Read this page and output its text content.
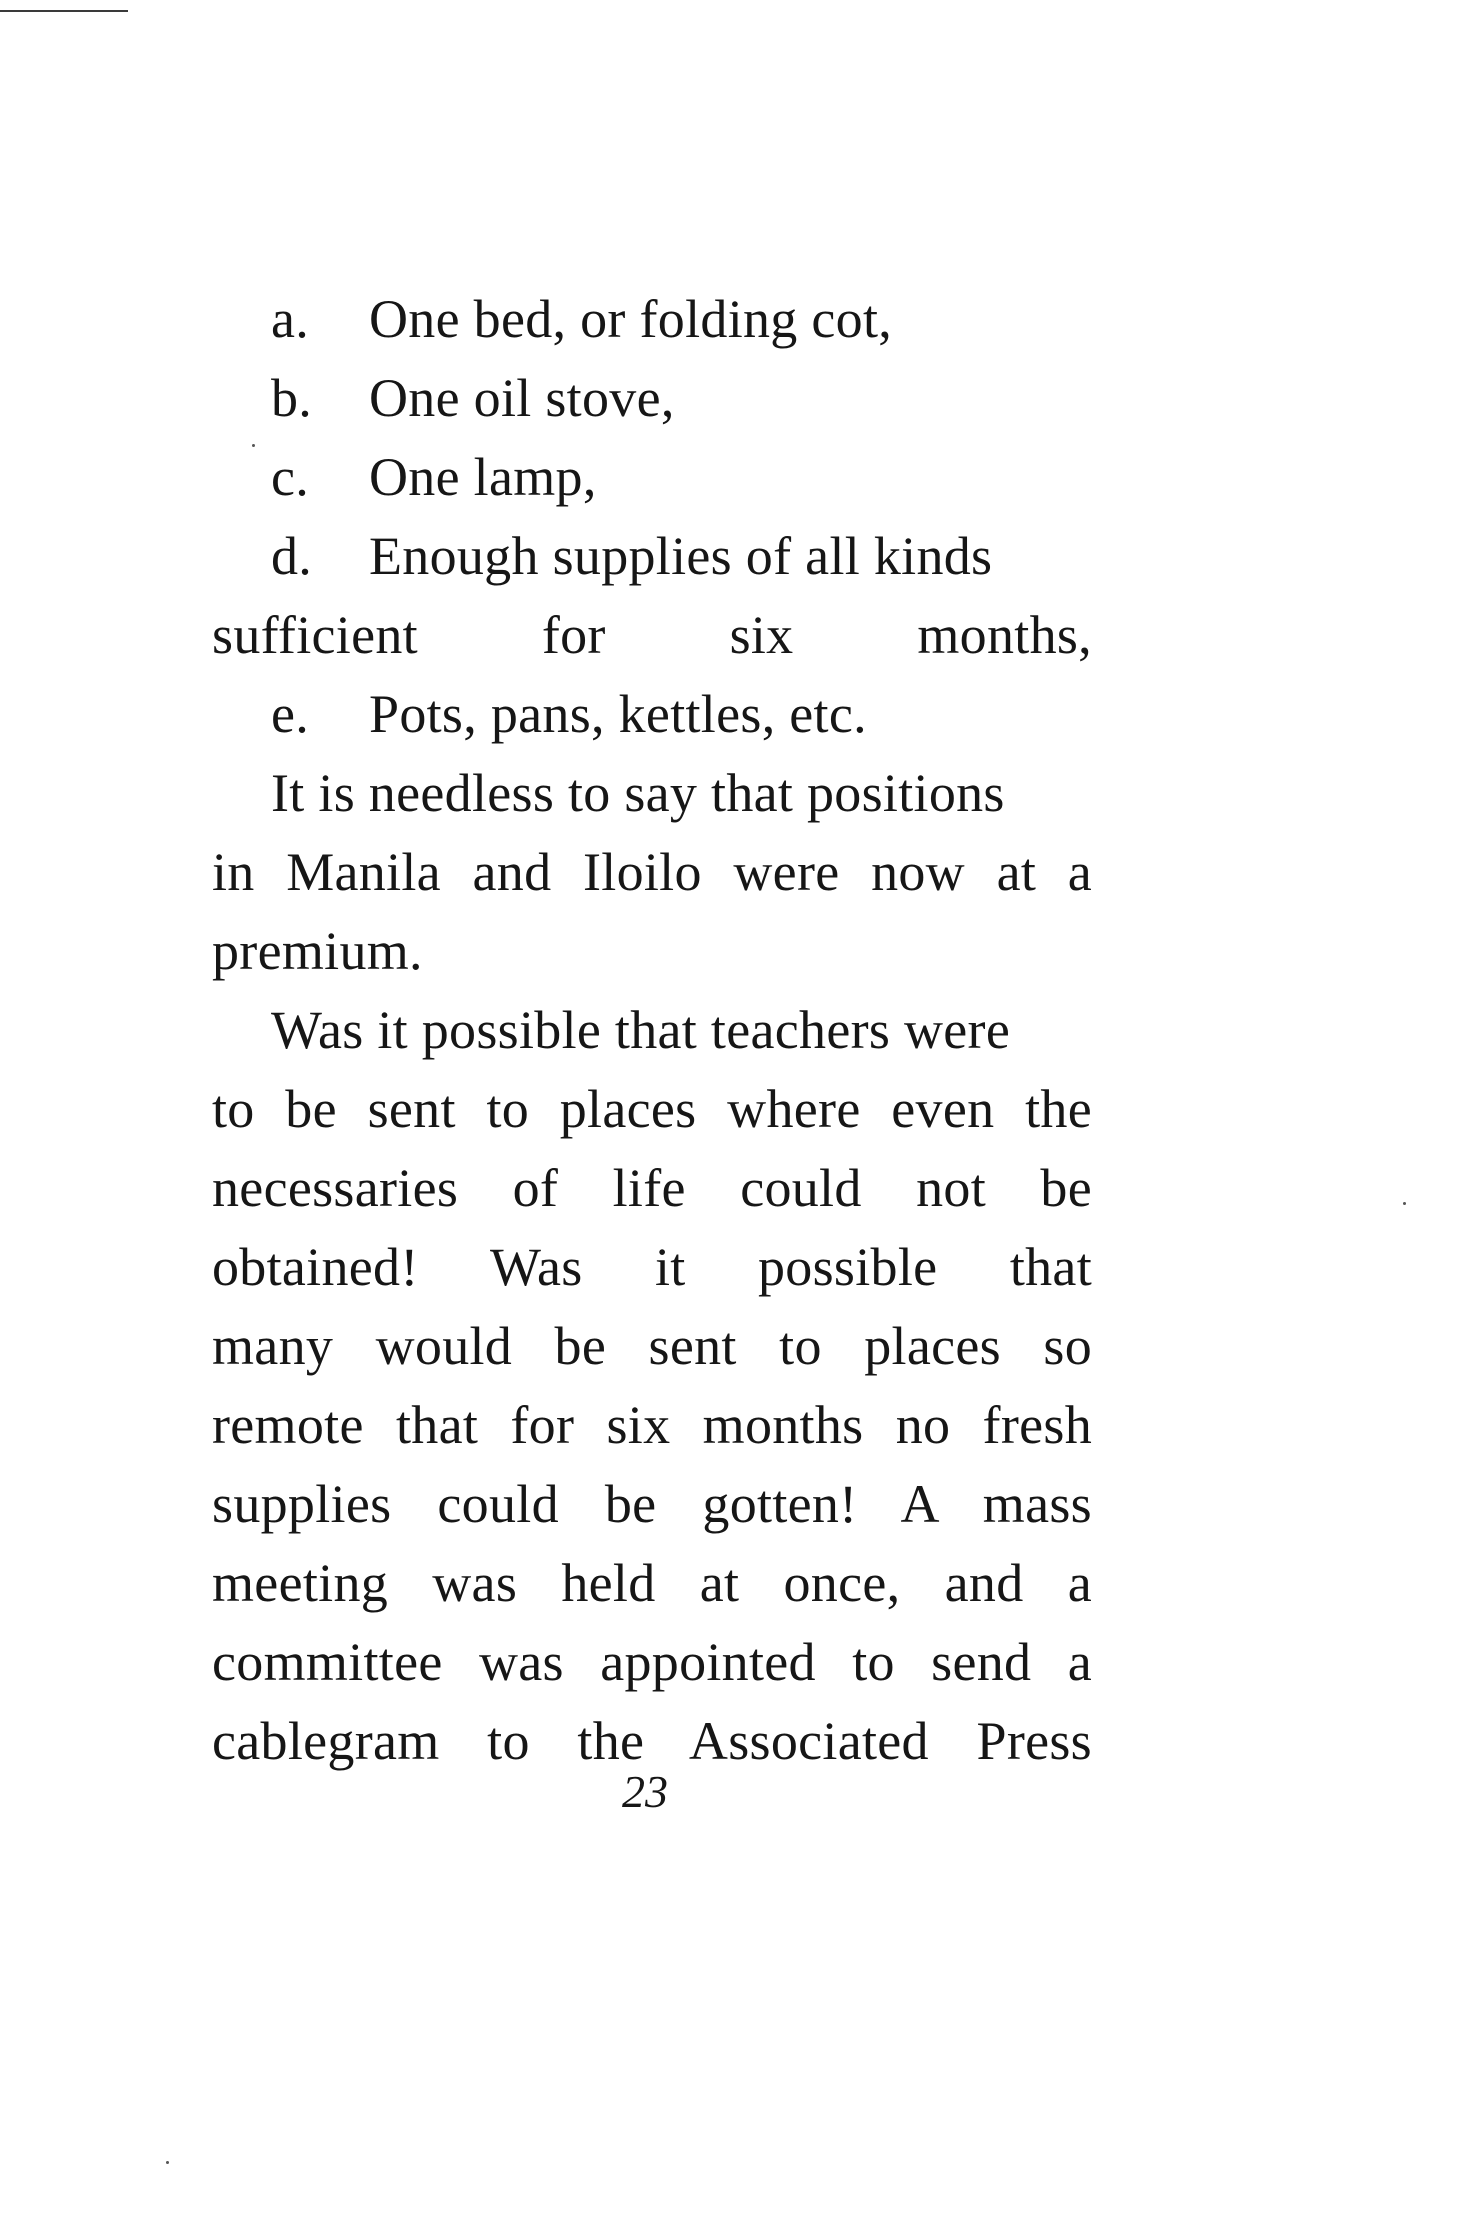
a. One bed, or folding cot,
b. One oil stove,
c. One lamp,
d. Enough supplies of all kinds
sufficient for six months,
e. Pots, pans, kettles, etc.
It is needless to say that positions
in Manila and Iloilo were now at a
premium.
Was it possible that teachers were
to be sent to places where even the
necessaries of life could not be
obtained! Was it possible that
many would be sent to places so
remote that for six months no fresh
supplies could be gotten! A mass
meeting was held at once, and a
committee was appointed to send a
cablegram to the Associated Press
23
